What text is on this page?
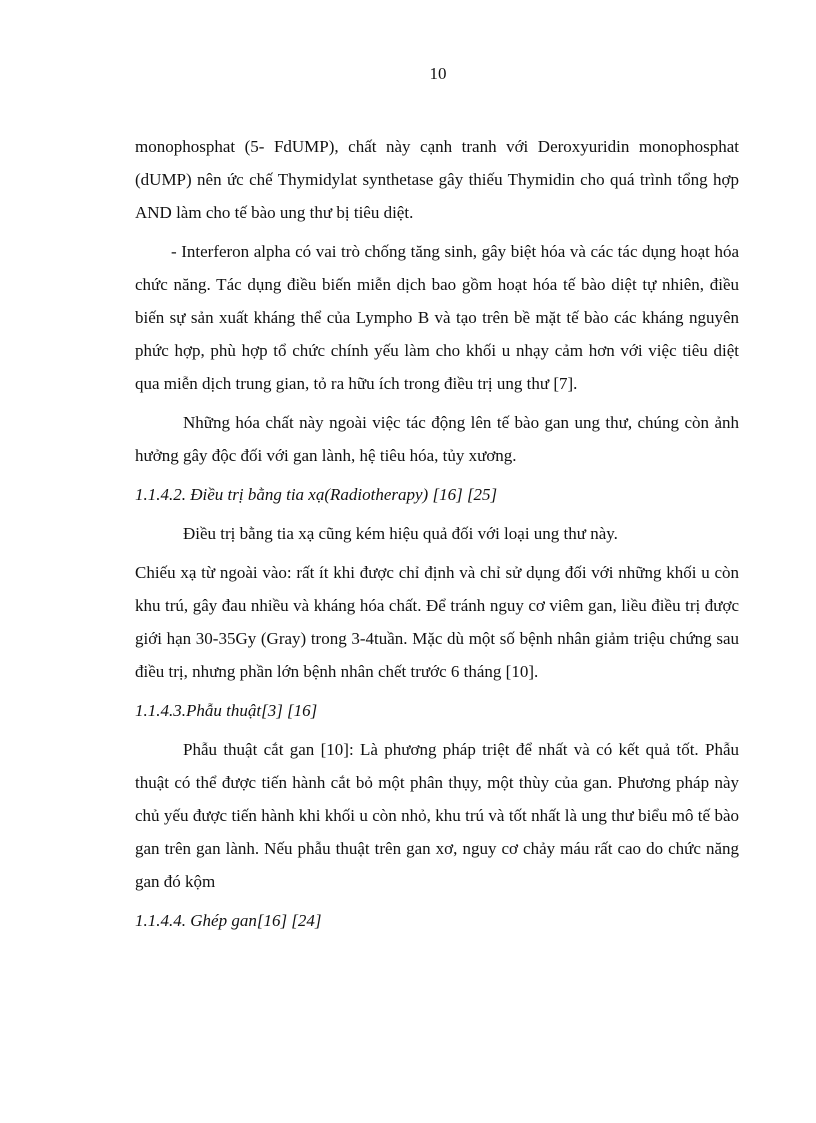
10

monophosphat (5- FdUMP), chất này cạnh tranh với Deroxyuridin monophosphat (dUMP) nên ức chế Thymidylat synthetase gây thiếu Thymidin cho quá trình tổng hợp AND làm cho tế bào ung thư bị tiêu diệt.

- Interferon alpha có vai trò chống tăng sinh, gây biệt hóa và các tác dụng hoạt hóa chức năng. Tác dụng điều biến miễn dịch bao gồm hoạt hóa tế bào diệt tự nhiên, điều biến sự sản xuất kháng thể của Lympho B và tạo trên bề mặt tế bào các kháng nguyên phức hợp, phù hợp tổ chức chính yếu làm cho khối u nhạy cảm hơn với việc tiêu diệt qua miễn dịch trung gian, tỏ ra hữu ích trong điều trị ung thư [7].

Những hóa chất này ngoài việc tác động lên tế bào gan ung thư, chúng còn ảnh hưởng gây độc đối với gan lành, hệ tiêu hóa, tủy xương.

1.1.4.2. Điều trị bằng tia xạ(Radiotherapy) [16] [25]

Điều trị bằng tia xạ cũng kém hiệu quả đối với loại ung thư này.

Chiếu xạ từ ngoài vào: rất ít khi được chỉ định và chỉ sử dụng đối với những khối u còn khu trú, gây đau nhiều và kháng hóa chất. Để tránh nguy cơ viêm gan, liều điều trị được giới hạn 30-35Gy (Gray) trong 3-4tuần. Mặc dù một số bệnh nhân giảm triệu chứng sau điều trị, nhưng phần lớn bệnh nhân chết trước 6 tháng [10].

1.1.4.3.Phẫu thuật[3] [16]

Phẫu thuật cắt gan [10]: Là phương pháp triệt để nhất và có kết quả tốt. Phẫu thuật có thể được tiến hành cắt bỏ một phân thụy, một thùy của gan. Phương pháp này chủ yếu được tiến hành khi khối u còn nhỏ, khu trú và tốt nhất là ung thư biểu mô tế bào gan trên gan lành. Nếu phẫu thuật trên gan xơ, nguy cơ chảy máu rất cao do chức năng gan đó kộm

1.1.4.4. Ghép gan[16] [24]
